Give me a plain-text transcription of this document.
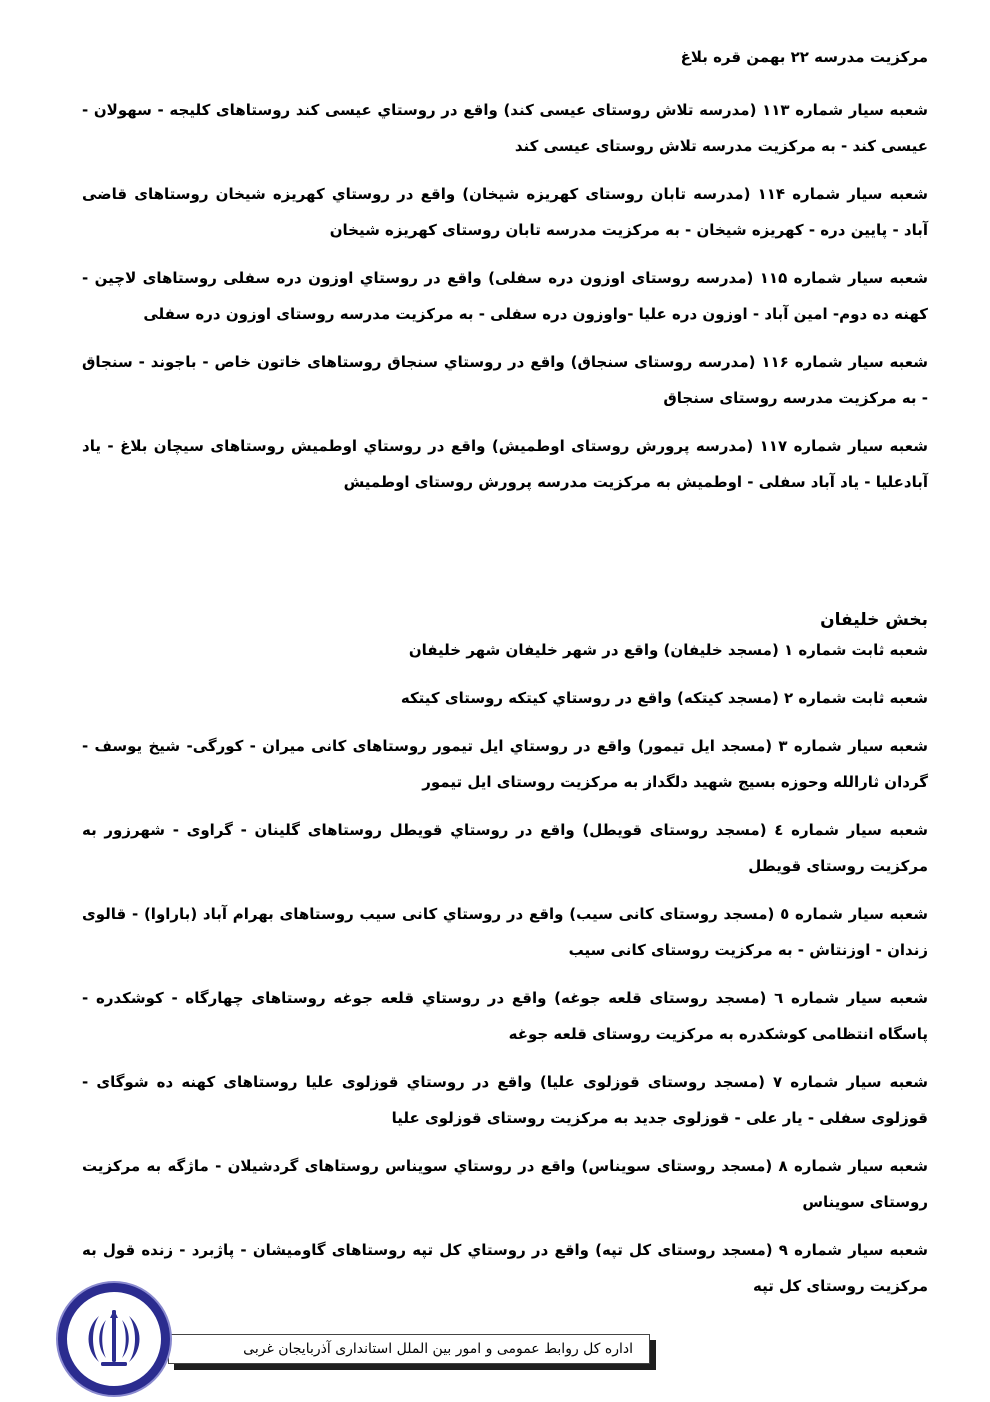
مرکزیت مدرسه ۲۲ بهمن قره بلاغ

شعبه سیار شماره ۱۱۳ (مدرسه تلاش روستای عیسی کند) واقع در روستاي عیسی کند روستاهای کلیجه - سهولان - عیسی کند - به مرکزیت مدرسه تلاش روستای عیسی کند

شعبه سیار شماره ۱۱۴ (مدرسه تابان روستای کهریزه شیخان) واقع در روستاي کهریزه شیخان روستاهای قاضی آباد - پایین دره - کهریزه شیخان - به مرکزیت مدرسه تابان روستای کهریزه شیخان

شعبه سیار شماره ۱۱۵ (مدرسه روستای اوزون دره سفلی) واقع در روستاي اوزون دره سفلی روستاهای لاچین - کهنه ده دوم- امین آباد - اوزون دره علیا -واوزون دره سفلی - به مرکزیت مدرسه روستای اوزون دره سفلی

شعبه سیار شماره ۱۱۶ (مدرسه روستای سنجاق) واقع در روستاي سنجاق روستاهای خاتون خاص - باجوند - سنجاق - به مرکزیت مدرسه روستای سنجاق

شعبه سیار شماره ۱۱۷ (مدرسه پرورش روستای اوطمیش) واقع در روستاي اوطمیش روستاهای سیچان بلاغ - یاد آبادعلیا - یاد آباد سفلی - اوطمیش به مرکزیت مدرسه پرورش روستای اوطمیش

بخش خلیفان

شعبه ثابت شماره ۱ (مسجد خلیفان) واقع در شهر خلیفان شهر خلیفان

شعبه ثابت شماره ۲ (مسجد کیتکه) واقع در روستاي کیتکه روستای کیتکه

شعبه سیار شماره ۳ (مسجد ایل تیمور) واقع در روستاي ایل تیمور روستاهای کانی میران - کورگی- شیخ یوسف - گردان ثارالله وحوزه بسیج شهید دلگداز به مرکزیت روستای ایل تیمور

شعبه سیار شماره ٤ (مسجد روستای قویطل) واقع در روستاي قویطل روستاهای گلینان - گراوی - شهرزور به مرکزیت روستای قویطل

شعبه سیار شماره ٥ (مسجد روستای کانی سیب) واقع در روستاي کانی سیب روستاهای بهرام آباد (باراوا) - قالوی زندان - اوزنتاش - به مرکزیت روستای کانی سیب

شعبه سیار شماره ٦ (مسجد روستای قلعه جوغه) واقع در روستاي قلعه جوغه روستاهای چهارگاه - کوشکدره - پاسگاه انتظامی کوشکدره به مرکزیت روستای قلعه جوغه

شعبه سیار شماره ۷ (مسجد روستای قوزلوی علیا) واقع در روستاي قوزلوی علیا روستاهای کهنه ده شوگای - قوزلوی سفلی - یار علی - قوزلوی جدید به مرکزیت روستای قوزلوی علیا

شعبه سیار شماره ۸ (مسجد روستای سویناس) واقع در روستاي سویناس روستاهای گردشیلان - ماژگه به مرکزیت روستای سویناس

شعبه سیار شماره ۹ (مسجد روستای کل تپه) واقع در روستاي کل تپه روستاهای گاومیشان - پاژبرد - زنده قول به مرکزیت روستای کل تپه

اداره کل روابط عمومی و امور بین الملل استانداری آذربایجان غربی
